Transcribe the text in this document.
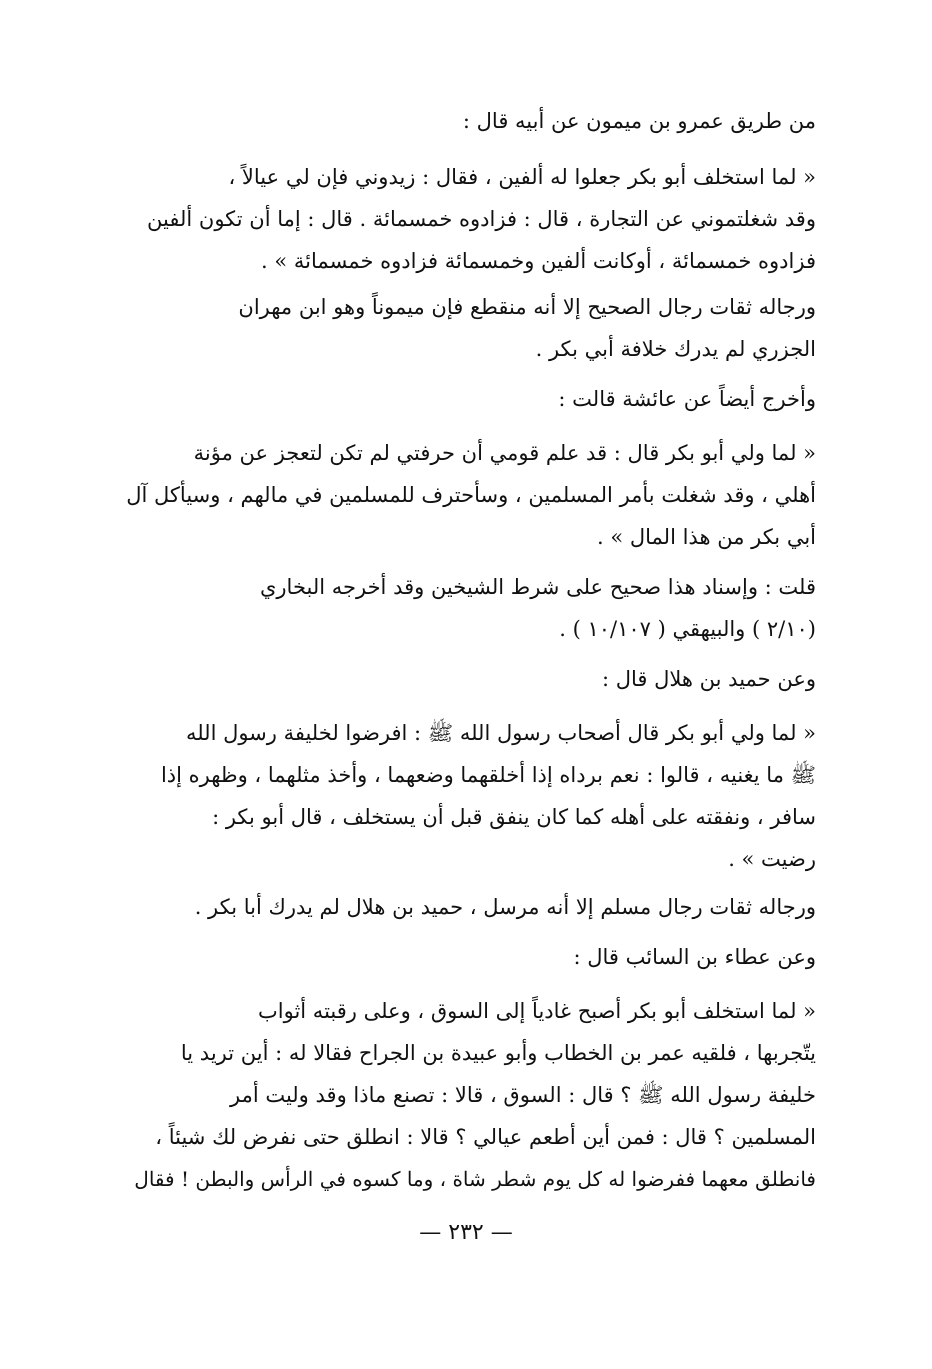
من طريق عمرو بن ميمون عن أبيه قال :
« لما استخلف أبو بكر جعلوا له ألفين ، فقال : زيدوني فإن لي عيالاً ،
وقد شغلتموني عن التجارة ، قال : فزادوه خمسمائة . قال : إما أن تكون ألفين
فزادوه خمسمائة ، أوكانت ألفين وخمسمائة فزادوه خمسمائة » .
ورجاله ثقات رجال الصحيح إلا أنه منقطع فإن ميموناً وهو ابن مهران
الجزري لم يدرك خلافة أبي بكر .
وأخرج أيضاً عن عائشة قالت :
« لما ولي أبو بكر قال : قد علم قومي أن حرفتي لم تكن لتعجز عن مؤنة
أهلي ، وقد شغلت بأمر المسلمين ، وسأحترف للمسلمين في مالهم ، وسيأكل آل
أبي بكر من هذا المال » .
قلت : وإسناد هذا صحيح على شرط الشيخين وقد أخرجه البخاري
(٢/١٠ ) والبيهقي ( ١٠/١٠٧ ) .
وعن حميد بن هلال قال :
« لما ولي أبو بكر قال أصحاب رسول الله ﷺ : افرضوا لخليفة رسول الله
ﷺ ما يغنيه ، قالوا : نعم برداه إذا أخلقهما وضعهما ، وأخذ مثلهما ، وظهره إذا
سافر ، ونفقته على أهله كما كان ينفق قبل أن يستخلف ، قال أبو بكر :
رضيت » .
ورجاله ثقات رجال مسلم إلا أنه مرسل ، حميد بن هلال لم يدرك أبا بكر .
وعن عطاء بن السائب قال :
« لما استخلف أبو بكر أصبح غادياً إلى السوق ، وعلى رقبته أثواب
يتّجربها ، فلقيه عمر بن الخطاب وأبو عبيدة بن الجراح فقالا له : أين تريد يا
خليفة رسول الله ﷺ ؟ قال : السوق ، قالا : تصنع ماذا وقد وليت أمر
المسلمين ؟ قال : فمن أين أطعم عيالي ؟ قالا : انطلق حتى نفرض لك شيئاً ،
فانطلق معهما ففرضوا له كل يوم شطر شاة ، وما كسوه في الرأس والبطن ! فقال
— ٢٣٢ —
